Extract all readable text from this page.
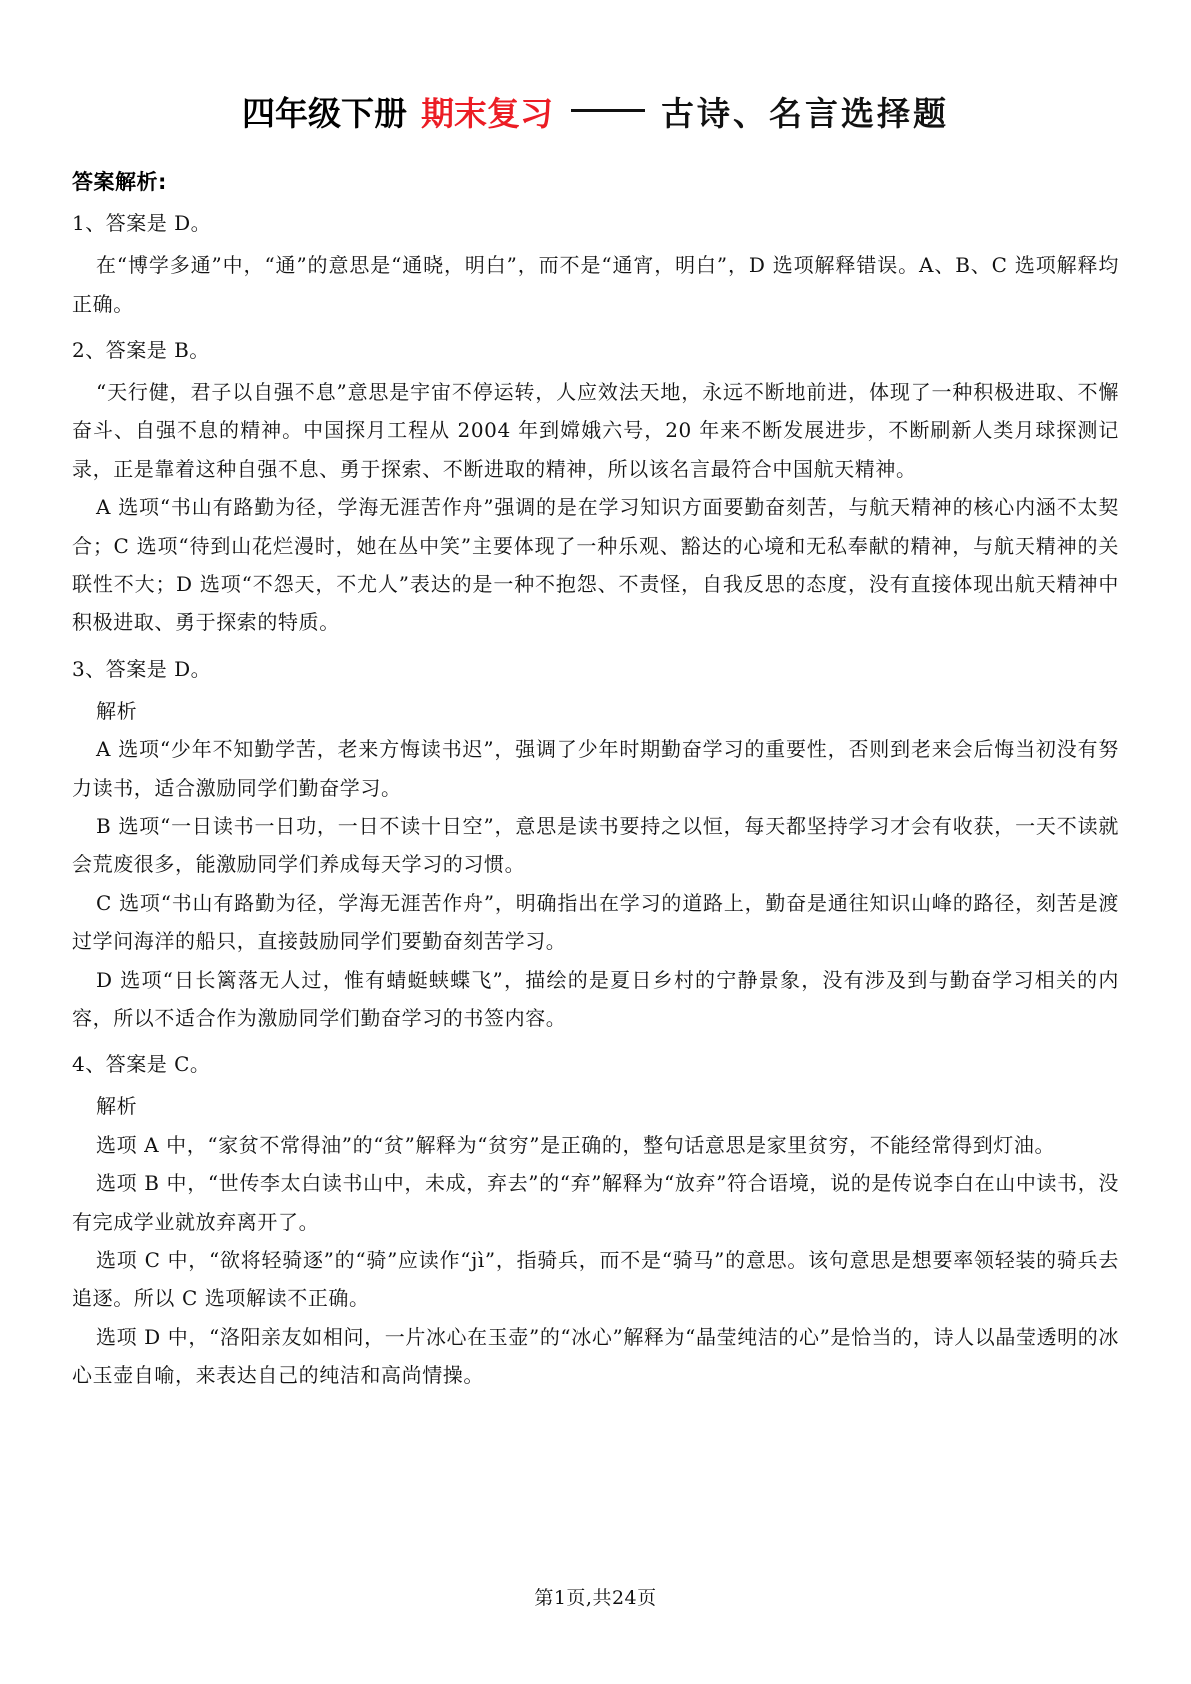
四年级下册 期末复习	古诗、名言选择题
答案解析:
1、答案是 D。
在“博学多通”中，“通”的意思是“通晓，明白”，而不是“通宵，明白”，D 选项解释错误。A、B、C 选项解释均正确。
2、答案是 B。
“天行健，君子以自强不息”意思是宇宙不停运转，人应效法天地，永远不断地前进，体现了一种积极进取、不懈奋斗、自强不息的精神。中国探月工程从 2004 年到嫦娥六号，20 年来不断发展进步，不断刷新人类月球探测记录，正是靠着这种自强不息、勇于探索、不断进取的精神，所以该名言最符合中国航天精神。
A 选项“书山有路勤为径，学海无涯苦作舟”强调的是在学习知识方面要勤奋刻苦，与航天精神的核心内涵不太契合；C 选项“待到山花烂漫时，她在丛中笑”主要体现了一种乐观、豁达的心境和无私奉献的精神，与航天精神的关联性不大；D 选项“不怨天，不尤人”表达的是一种不抱怨、不责怪，自我反思的态度，没有直接体现出航天精神中积极进取、勇于探索的特质。
3、答案是 D。
解析
A 选项“少年不知勤学苦，老来方悔读书迟”，强调了少年时期勤奋学习的重要性，否则到老来会后悔当初没有努力读书，适合激励同学们勤奋学习。
B 选项“一日读书一日功，一日不读十日空”，意思是读书要持之以恒，每天都坚持学习才会有收获，一天不读就会荒废很多，能激励同学们养成每天学习的习惯。
C 选项“书山有路勤为径，学海无涯苦作舟”，明确指出在学习的道路上，勤奋是通往知识山峰的路径，刻苦是渡过学问海洋的船只，直接鼓励同学们要勤奋刻苦学习。
D 选项“日长篱落无人过，惟有蜻蜓蛱蝶飞”，描绘的是夏日乡村的宁静景象，没有涉及到与勤奋学习相关的内容，所以不适合作为激励同学们勤奋学习的书签内容。
4、答案是 C。
解析
选项 A 中，“家贫不常得油”的“贫”解释为“贫穷”是正确的，整句话意思是家里贫穷，不能经常得到灯油。
选项 B 中，“世传李太白读书山中，未成，弃去”的“弃”解释为“放弃”符合语境，说的是传说李白在山中读书，没有完成学业就放弃离开了。
选项 C 中，“欲将轻骑逐”的“骑”应读作“jì”，指骑兵，而不是“骑马”的意思。该句意思是想要率领轻装的骑兵去追逐。所以 C 选项解读不正确。
选项 D 中，“洛阳亲友如相问，一片冰心在玉壶”的“冰心”解释为“晶莹纯洁的心”是恰当的，诗人以晶莹透明的冰心玉壶自喻，来表达自己的纯洁和高尚情操。
第1页,共24页
